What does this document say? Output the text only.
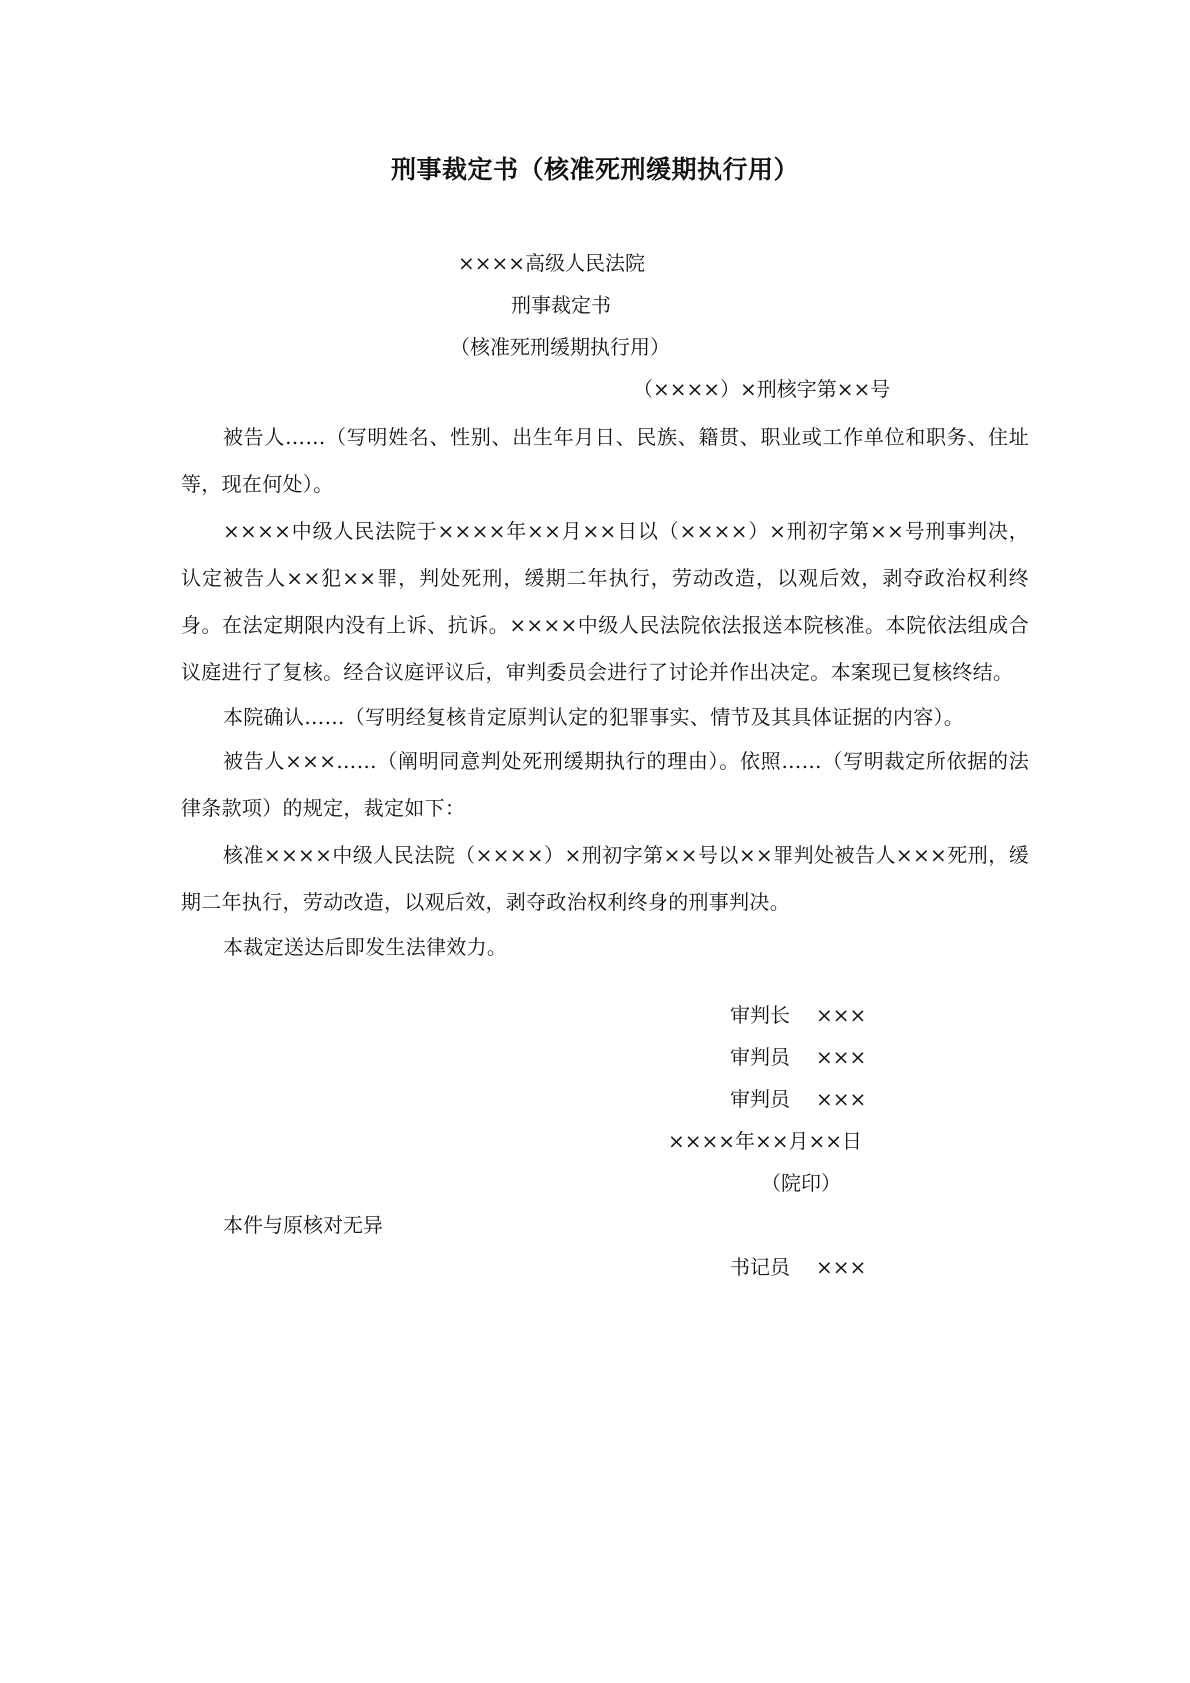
刑事裁定书（核准死刑缓期执行用）
××××高级人民法院
刑事裁定书
（核准死刑缓期执行用）
（××××）×刑核字第××号

被告人……（写明姓名、性别、出生年月日、民族、籍贯、职业或工作单位和职务、住址等，现在何处）。

××××中级人民法院于××××年××月××日以（××××）×刑初字第××号刑事判决，认定被告人××犯××罪，判处死刑，缓期二年执行，劳动改造，以观后效，剥夺政治权利终身。在法定期限内没有上诉、抗诉。××××中级人民法院依法报送本院核准。本院依法组成合议庭进行了复核。经合议庭评议后，审判委员会进行了讨论并作出决定。本案现已复核终结。

本院确认……（写明经复核肯定原判认定的犯罪事实、情节及其具体证据的内容）。

被告人×××……（阐明同意判处死刑缓期执行的理由）。依照……（写明裁定所依据的法律条款项）的规定，裁定如下：

核准××××中级人民法院（××××）×刑初字第××号以××罪判处被告人×××死刑，缓期二年执行，劳动改造，以观后效，剥夺政治权利终身的刑事判决。

本裁定送达后即发生法律效力。

审判长 ×××
审判员 ×××
审判员 ×××
××××年××月××日
（院印）
本件与原核对无异
书记员 ×××
